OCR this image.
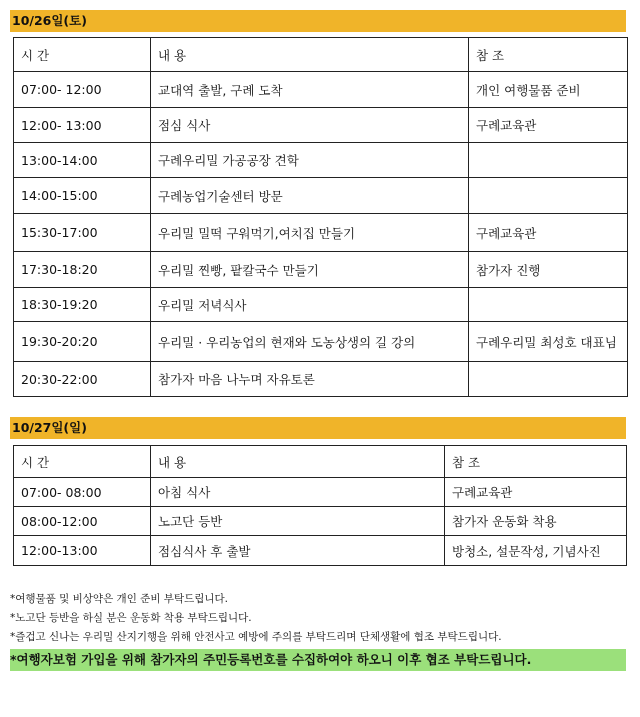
10/26일(토)
시 간	내 용	참 조
07:00- 12:00	교대역 출발, 구례 도착	개인 여행물품 준비
12:00- 13:00	점심 식사	구례교육관
13:00-14:00	구례우리밀 가공공장 견학	
14:00-15:00	구례농업기술센터 방문	
15:30-17:00	우리밀 밀떡 구워먹기,여치집 만들기	구례교육관
17:30-18:20	우리밀 찐빵, 팥칼국수 만들기	참가자 진행
18:30-19:20	우리밀 저녁식사	
19:30-20:20	우리밀 · 우리농업의 현재와 도농상생의 길 강의	구례우리밀 최성호 대표님
20:30-22:00	참가자 마음 나누며 자유토론	
10/27일(일)
시 간	내 용	참 조
07:00- 08:00	아침 식사	구례교육관
08:00-12:00	노고단 등반	참가자 운동화 착용
12:00-13:00	점심식사 후 출발	방청소, 설문작성, 기념사진
*여행물품 및 비상약은 개인 준비 부탁드립니다.
*노고단 등반을 하실 분은 운동화 착용 부탁드립니다.
*즐겁고 신나는 우리밀 산지기행을 위해 안전사고 예방에 주의를 부탁드리며 단체생활에 협조 부탁드립니다.
*여행자보험 가입을 위해 참가자의 주민등록번호를 수집하여야 하오니 이후 협조 부탁드립니다.
